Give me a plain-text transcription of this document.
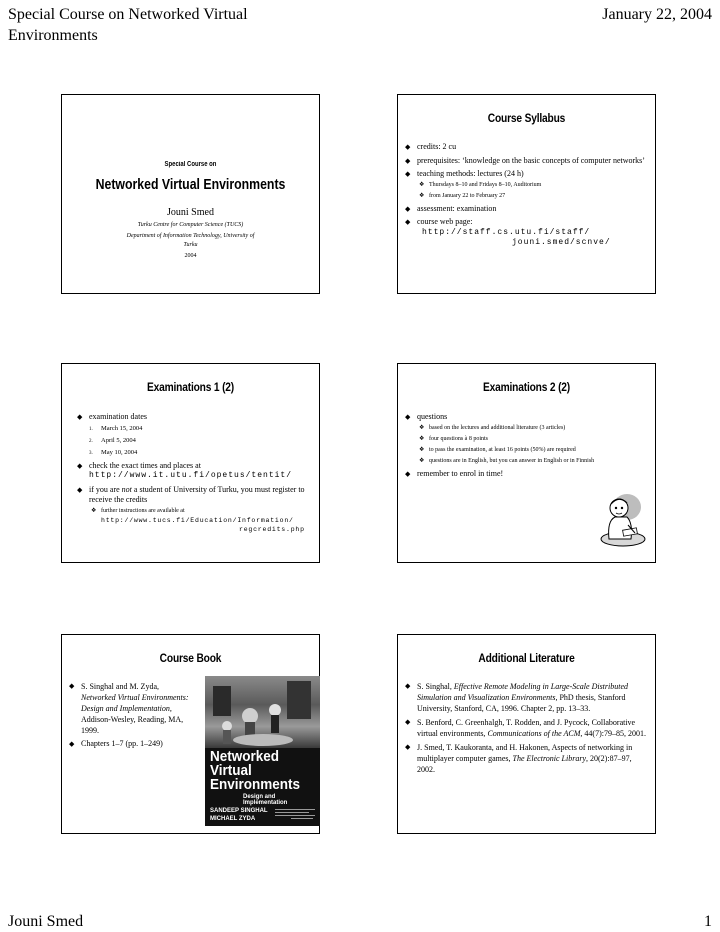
Special Course on Networked Virtual Environments
January 22, 2004
Jouni Smed	1
Special Course on
Networked Virtual Environments
Jouni Smed
Turku Centre for Computer Science (TUCS)
Department of Information Technology, University of Turku
2004
Course Syllabus
◆ credits: 2 cu
◆ prerequisites: ‘knowledge on the basic concepts of computer networks’
◆ teaching methods: lectures (24 h)
❖ Thursdays 8–10 and Fridays 8–10, Auditorium
❖ from January 22 to February 27
◆ assessment: examination
◆ course web page:
http://staff.cs.utu.fi/staff/
jouni.smed/scnve/
Examinations 1 (2)
◆ examination dates
1. March 15, 2004
2. April 5, 2004
3. May 10, 2004
◆ check the exact times and places at
http://www.it.utu.fi/opetus/tentit/
◆ if you are not a student of University of Turku, you must register to receive the credits
❖ further instructions are available at
http://www.tucs.fi/Education/Information/
regcredits.php
Examinations 2 (2)
◆ questions
❖ based on the lectures and additional literature (3 articles)
❖ four questions à 8 points
❖ to pass the examination, at least 16 points (50%) are required
❖ questions are in English, but you can answer in English or in Finnish
◆ remember to enrol in time!
Course Book
◆ S. Singhal and M. Zyda, Networked Virtual Environments: Design and Implementation, Addison-Wesley, Reading, MA, 1999.
◆ Chapters 1–7 (pp. 1–249)
Networked
Virtual
Environments
Design and Implementation
SANDEEP SINGHAL
MICHAEL ZYDA
Additional Literature
◆ S. Singhal, Effective Remote Modeling in Large-Scale Distributed Simulation and Visualization Environments, PhD thesis, Stanford University, Stanford, CA, 1996. Chapter 2, pp. 13–33.
◆ S. Benford, C. Greenhalgh, T. Rodden, and J. Pycock, Collaborative virtual environments, Communications of the ACM, 44(7):79–85, 2001.
◆ J. Smed, T. Kaukoranta, and H. Hakonen, Aspects of networking in multiplayer computer games, The Electronic Library, 20(2):87–97, 2002.
